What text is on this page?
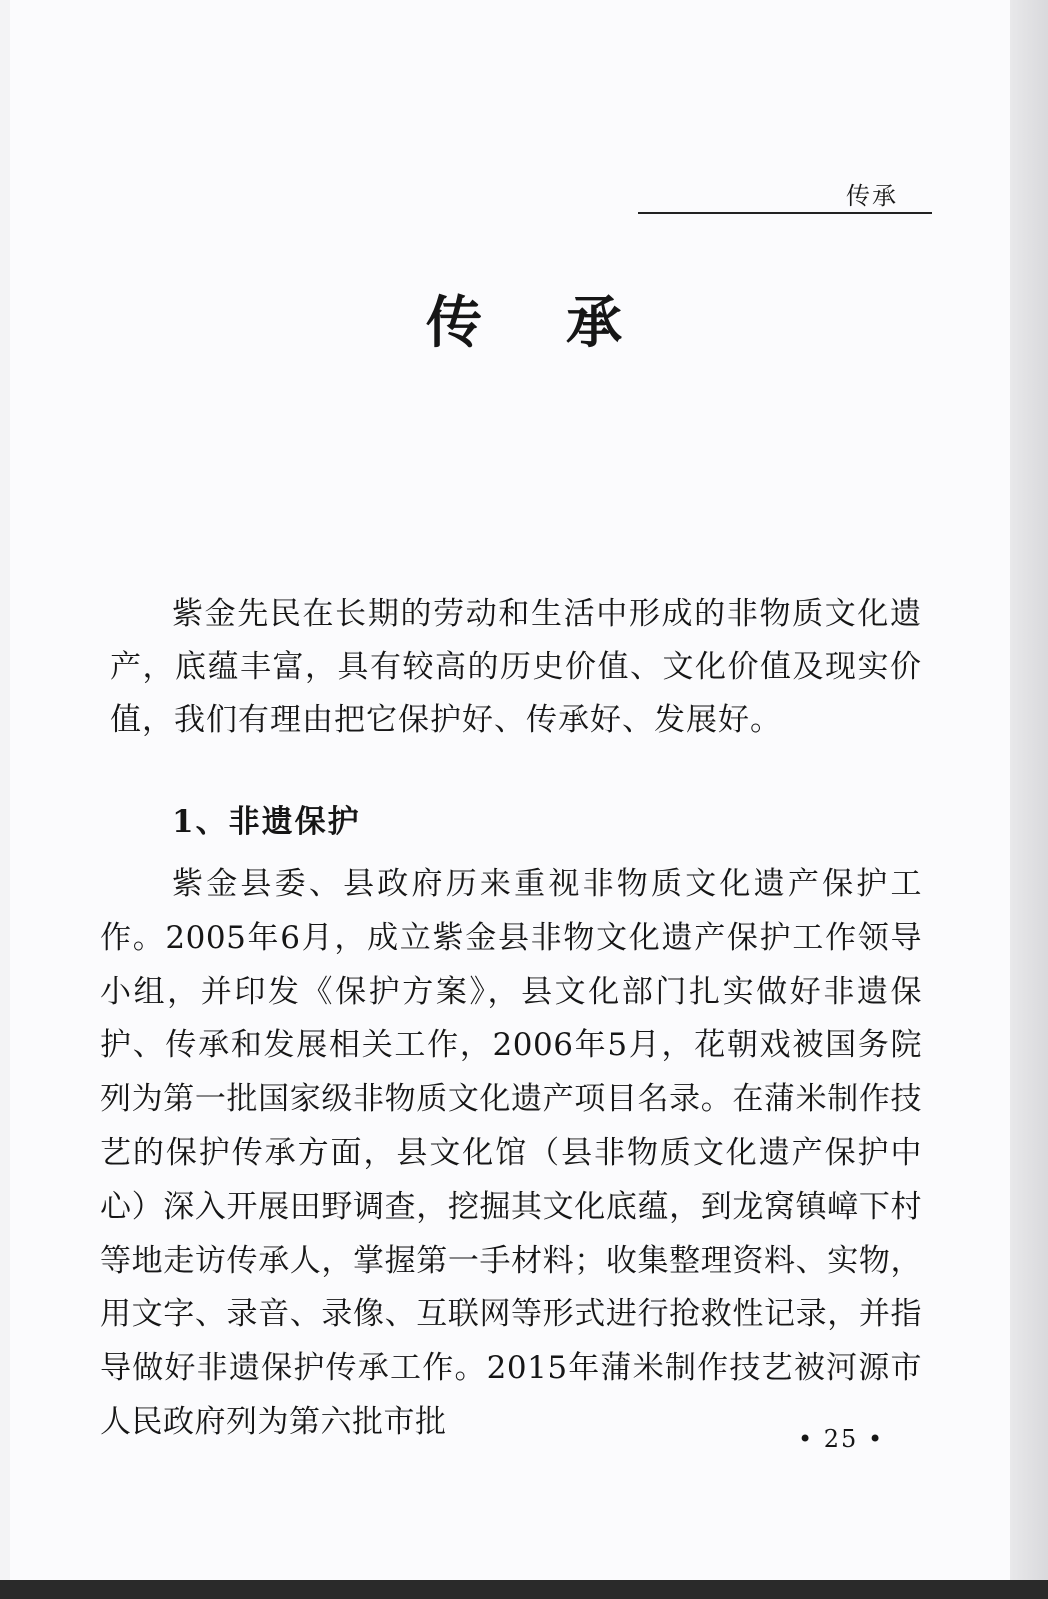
传承
传承

紫金先民在长期的劳动和生活中形成的非物质文化遗产，底蕴丰富，具有较高的历史价值、文化价值及现实价值，我们有理由把它保护好、传承好、发展好。

1、非遗保护

紫金县委、县政府历来重视非物质文化遗产保护工作。2005年6月，成立紫金县非物文化遗产保护工作领导小组，并印发《保护方案》，县文化部门扎实做好非遗保护、传承和发展相关工作，2006年5月，花朝戏被国务院列为第一批国家级非物质文化遗产项目名录。在蒲米制作技艺的保护传承方面，县文化馆（县非物质文化遗产保护中心）深入开展田野调查，挖掘其文化底蕴，到龙窝镇嶂下村等地走访传承人，掌握第一手材料；收集整理资料、实物，用文字、录音、录像、互联网等形式进行抢救性记录，并指导做好非遗保护传承工作。2015年蒲米制作技艺被河源市人民政府列为第六批市批	• 25 •
